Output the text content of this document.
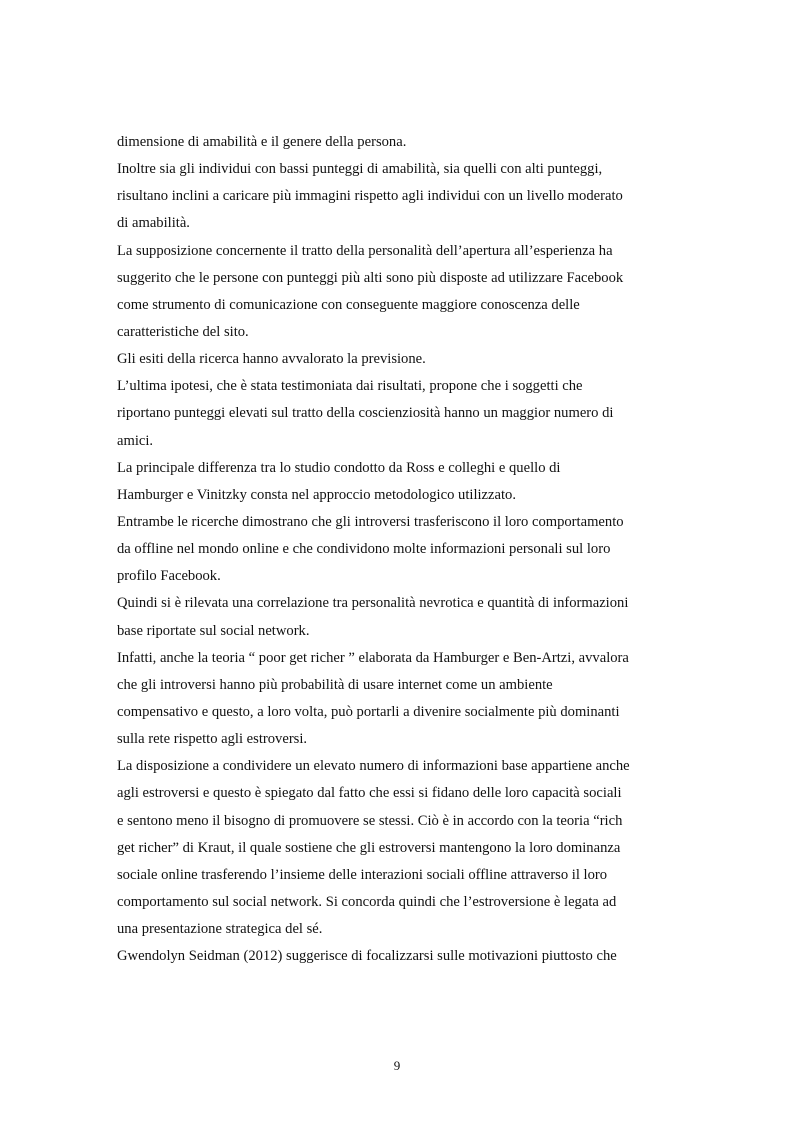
dimensione di amabilità e il genere della persona.
Inoltre sia gli individui con bassi punteggi di amabilità, sia quelli con alti punteggi,
risultano inclini a caricare più immagini rispetto agli individui con un livello moderato
di amabilità.
La supposizione concernente il tratto della personalità dell’apertura all’esperienza ha
suggerito che le persone con punteggi più alti sono più disposte ad utilizzare Facebook
come strumento di comunicazione con conseguente maggiore conoscenza delle
caratteristiche del sito.
Gli esiti della ricerca hanno avvalorato la previsione.
L’ultima ipotesi, che è stata testimoniata dai risultati, propone che i soggetti che
riportano punteggi elevati sul tratto della coscienziosità hanno un maggior numero di
amici.
La principale differenza tra lo studio condotto da Ross e colleghi e quello di
Hamburger e Vinitzky consta nel approccio metodologico utilizzato.
Entrambe le ricerche dimostrano che gli introversi trasferiscono il loro comportamento
da offline nel mondo online e che condividono molte informazioni personali sul loro
profilo Facebook.
Quindi si è rilevata una correlazione tra personalità nevrotica e quantità di informazioni
base riportate sul social network.
Infatti, anche la teoria “ poor get richer ” elaborata da Hamburger e Ben-Artzi, avvalora
che gli introversi hanno più probabilità di usare internet come un ambiente
compensativo e questo, a loro volta, può portarli a divenire socialmente più dominanti
sulla rete rispetto agli estroversi.
La disposizione a condividere un elevato numero di informazioni base appartiene anche
agli estroversi e questo è spiegato dal fatto che essi si fidano delle loro capacità sociali
e sentono meno il bisogno di promuovere se stessi. Ciò è in accordo con la teoria “rich
get richer” di Kraut, il quale sostiene che gli estroversi mantengono la loro dominanza
sociale online trasferendo l’insieme delle interazioni sociali offline attraverso il loro
comportamento sul social network. Si concorda quindi che l’estroversione è legata ad
una presentazione strategica del sé.
Gwendolyn Seidman (2012) suggerisce di focalizzarsi sulle motivazioni piuttosto che
9
